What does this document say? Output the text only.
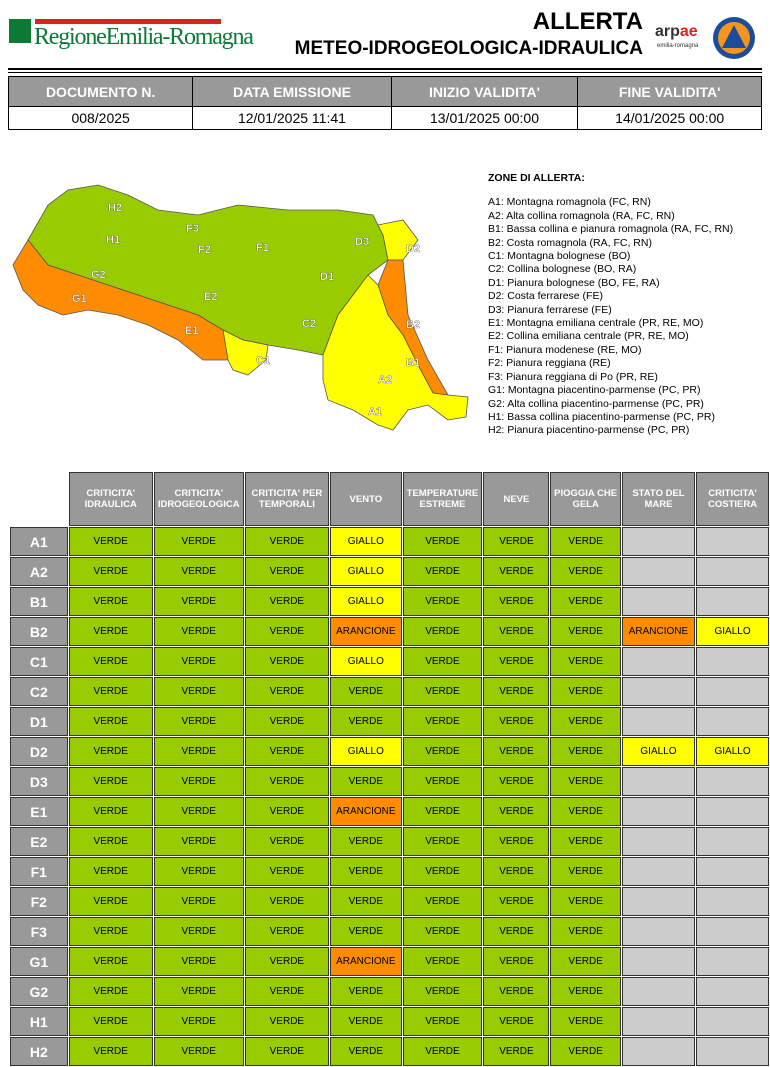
RegioneEmilia-Romagna
ALLERTA
METEO-IDROGEOLOGICA-IDRAULICA
arpae
emilia-romagna
DOCUMENTO N.	DATA EMISSIONE	INIZIO VALIDITA'	FINE VALIDITA'
008/2025	12/01/2025 11:41	13/01/2025 00:00	14/01/2025 00:00
H2
H1
G2
G1
F3
F2	F1
E2
E1
D3
D2
D1
C2
C1
B2
B1
A2
A1
ZONE DI ALLERTA:
A1: Montagna romagnola (FC, RN)
A2: Alta collina romagnola (RA, FC, RN)
B1: Bassa collina e pianura romagnola (RA, FC, RN)
B2: Costa romagnola (RA, FC, RN)
C1: Montagna bolognese (BO)
C2: Collina bolognese (BO, RA)
D1: Pianura bolognese (BO, FE, RA)
D2: Costa ferrarese (FE)
D3: Pianura ferrarese (FE)
E1: Montagna emiliana centrale (PR, RE, MO)
E2: Collina emiliana centrale (PR, RE, MO)
F1: Pianura modenese (RE, MO)
F2: Pianura reggiana (RE)
F3: Pianura reggiana di Po (PR, RE)
G1: Montagna piacentino-parmense (PC, PR)
G2: Alta collina piacentino-parmense (PC, PR)
H1: Bassa collina piacentino-parmense (PC, PR)
H2: Pianura piacentino-parmense (PC, PR)
	CRITICITA' IDRAULICA	CRITICITA' IDROGEOLOGICA	CRITICITA' PER TEMPORALI	VENTO	TEMPERATURE ESTREME	NEVE	PIOGGIA CHE GELA	STATO DEL MARE	CRITICITA' COSTIERA
A1	VERDE	VERDE	VERDE	GIALLO	VERDE	VERDE	VERDE		
A2	VERDE	VERDE	VERDE	GIALLO	VERDE	VERDE	VERDE		
B1	VERDE	VERDE	VERDE	GIALLO	VERDE	VERDE	VERDE		
B2	VERDE	VERDE	VERDE	ARANCIONE	VERDE	VERDE	VERDE	ARANCIONE	GIALLO
C1	VERDE	VERDE	VERDE	GIALLO	VERDE	VERDE	VERDE		
C2	VERDE	VERDE	VERDE	VERDE	VERDE	VERDE	VERDE		
D1	VERDE	VERDE	VERDE	VERDE	VERDE	VERDE	VERDE		
D2	VERDE	VERDE	VERDE	GIALLO	VERDE	VERDE	VERDE	GIALLO	GIALLO
D3	VERDE	VERDE	VERDE	VERDE	VERDE	VERDE	VERDE		
E1	VERDE	VERDE	VERDE	ARANCIONE	VERDE	VERDE	VERDE		
E2	VERDE	VERDE	VERDE	VERDE	VERDE	VERDE	VERDE		
F1	VERDE	VERDE	VERDE	VERDE	VERDE	VERDE	VERDE		
F2	VERDE	VERDE	VERDE	VERDE	VERDE	VERDE	VERDE		
F3	VERDE	VERDE	VERDE	VERDE	VERDE	VERDE	VERDE		
G1	VERDE	VERDE	VERDE	ARANCIONE	VERDE	VERDE	VERDE		
G2	VERDE	VERDE	VERDE	VERDE	VERDE	VERDE	VERDE		
H1	VERDE	VERDE	VERDE	VERDE	VERDE	VERDE	VERDE		
H2	VERDE	VERDE	VERDE	VERDE	VERDE	VERDE	VERDE		
